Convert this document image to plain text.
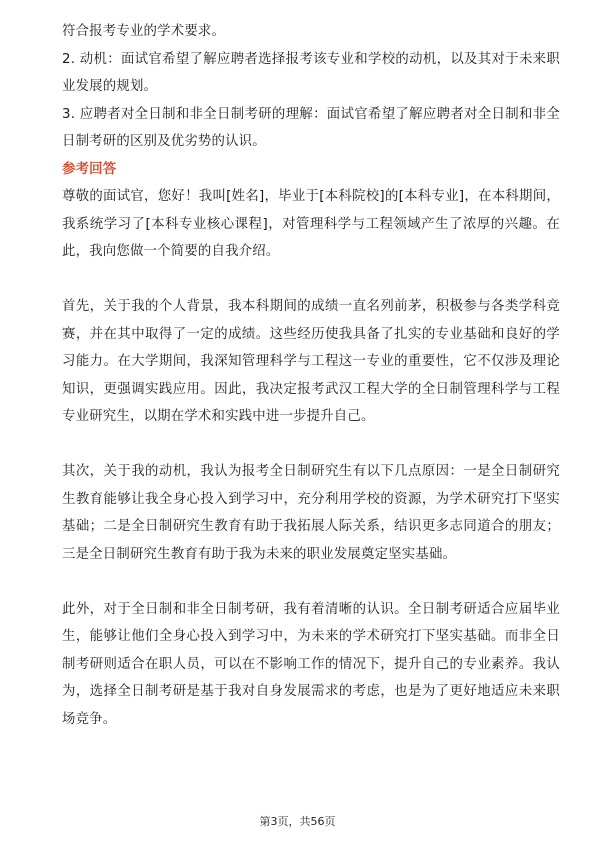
符合报考专业的学术要求。

2. 动机：面试官希望了解应聘者选择报考该专业和学校的动机，以及其对于未来职业发展的规划。

3. 应聘者对全日制和非全日制考研的理解：面试官希望了解应聘者对全日制和非全日制考研的区别及优劣势的认识。

参考回答

尊敬的面试官，您好！我叫[姓名]，毕业于[本科院校]的[本科专业]，在本科期间，我系统学习了[本科专业核心课程]，对管理科学与工程领域产生了浓厚的兴趣。在此，我向您做一个简要的自我介绍。

首先，关于我的个人背景，我本科期间的成绩一直名列前茅，积极参与各类学科竞赛，并在其中取得了一定的成绩。这些经历使我具备了扎实的专业基础和良好的学习能力。在大学期间，我深知管理科学与工程这一专业的重要性，它不仅涉及理论知识，更强调实践应用。因此，我决定报考武汉工程大学的全日制管理科学与工程专业研究生，以期在学术和实践中进一步提升自己。

其次，关于我的动机，我认为报考全日制研究生有以下几点原因：一是全日制研究生教育能够让我全身心投入到学习中，充分利用学校的资源，为学术研究打下坚实基础；二是全日制研究生教育有助于我拓展人际关系，结识更多志同道合的朋友；三是全日制研究生教育有助于我为未来的职业发展奠定坚实基础。

此外，对于全日制和非全日制考研，我有着清晰的认识。全日制考研适合应届毕业生，能够让他们全身心投入到学习中，为未来的学术研究打下坚实基础。而非全日制考研则适合在职人员，可以在不影响工作的情况下，提升自己的专业素养。我认为，选择全日制考研是基于我对自身发展需求的考虑，也是为了更好地适应未来职场竞争。

第3页，共56页
